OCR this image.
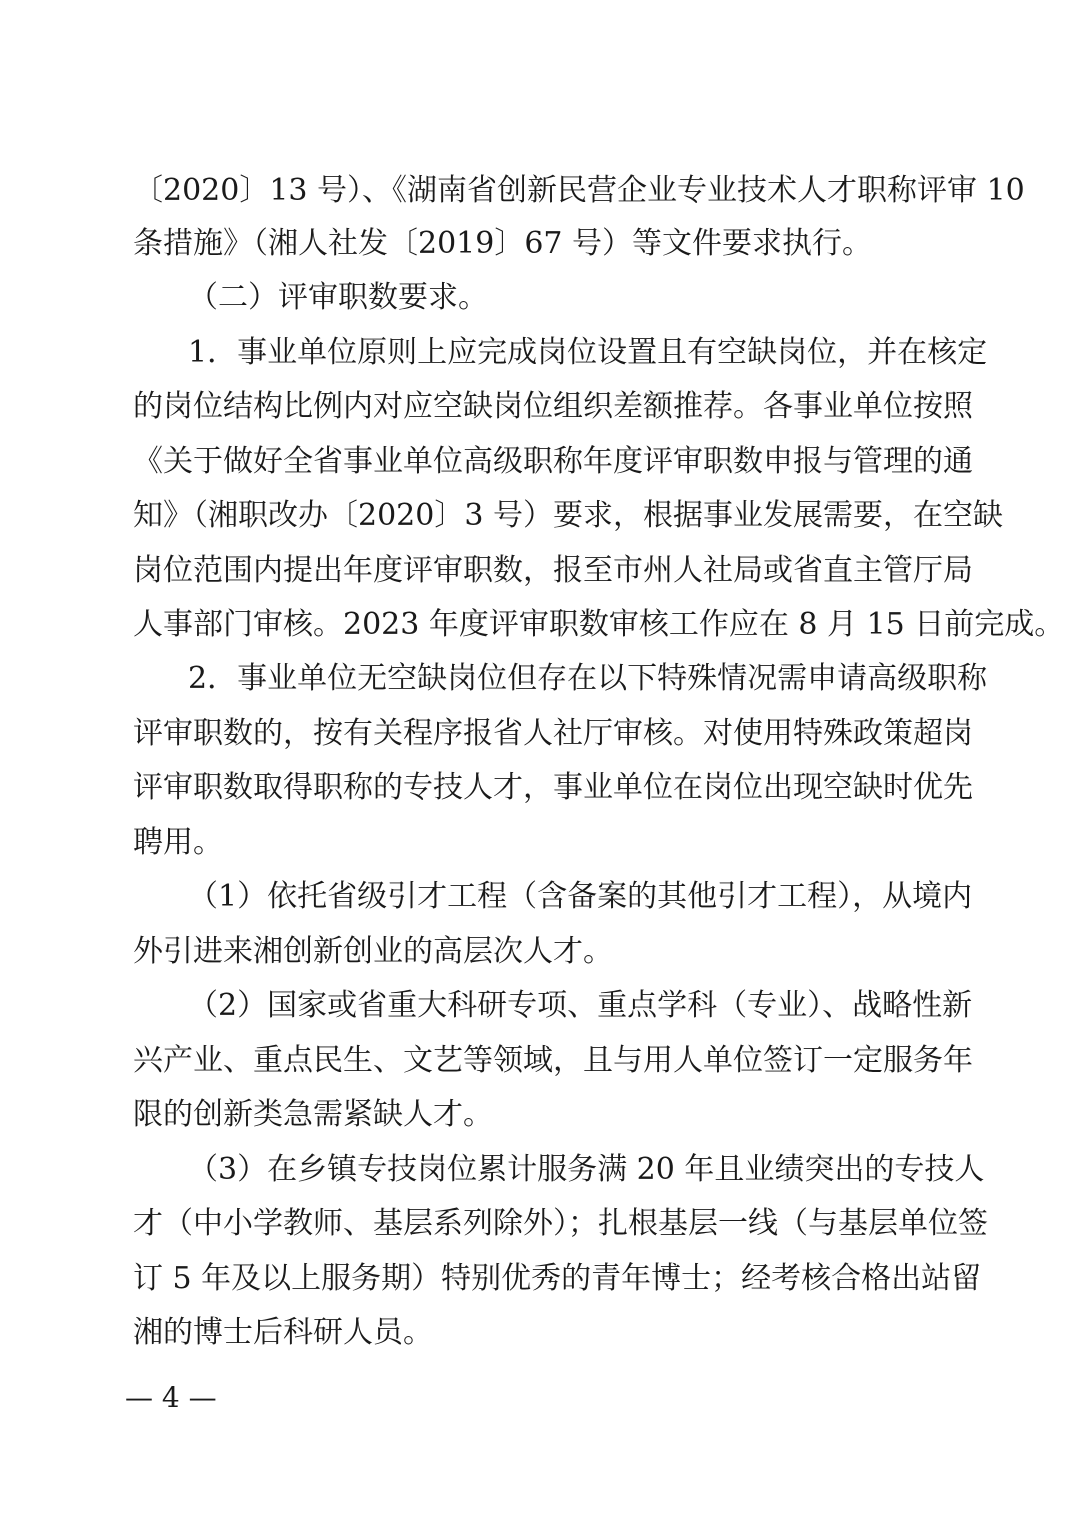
〔2020〕13 号）、《湖南省创新民营企业专业技术人才职称评审 10
条措施》（湘人社发〔2019〕67 号）等文件要求执行。
（二）评审职数要求。
1．事业单位原则上应完成岗位设置且有空缺岗位，并在核定
的岗位结构比例内对应空缺岗位组织差额推荐。各事业单位按照
《关于做好全省事业单位高级职称年度评审职数申报与管理的通
知》（湘职改办〔2020〕3 号）要求，根据事业发展需要，在空缺
岗位范围内提出年度评审职数，报至市州人社局或省直主管厅局
人事部门审核。2023 年度评审职数审核工作应在 8 月 15 日前完成。
2．事业单位无空缺岗位但存在以下特殊情况需申请高级职称
评审职数的，按有关程序报省人社厅审核。对使用特殊政策超岗
评审职数取得职称的专技人才，事业单位在岗位出现空缺时优先
聘用。
（1）依托省级引才工程（含备案的其他引才工程），从境内
外引进来湘创新创业的高层次人才。
（2）国家或省重大科研专项、重点学科（专业）、战略性新
兴产业、重点民生、文艺等领域，且与用人单位签订一定服务年
限的创新类急需紧缺人才。
（3）在乡镇专技岗位累计服务满 20 年且业绩突出的专技人
才（中小学教师、基层系列除外）；扎根基层一线（与基层单位签
订 5 年及以上服务期）特别优秀的青年博士；经考核合格出站留
湘的博士后科研人员。
— 4 —
